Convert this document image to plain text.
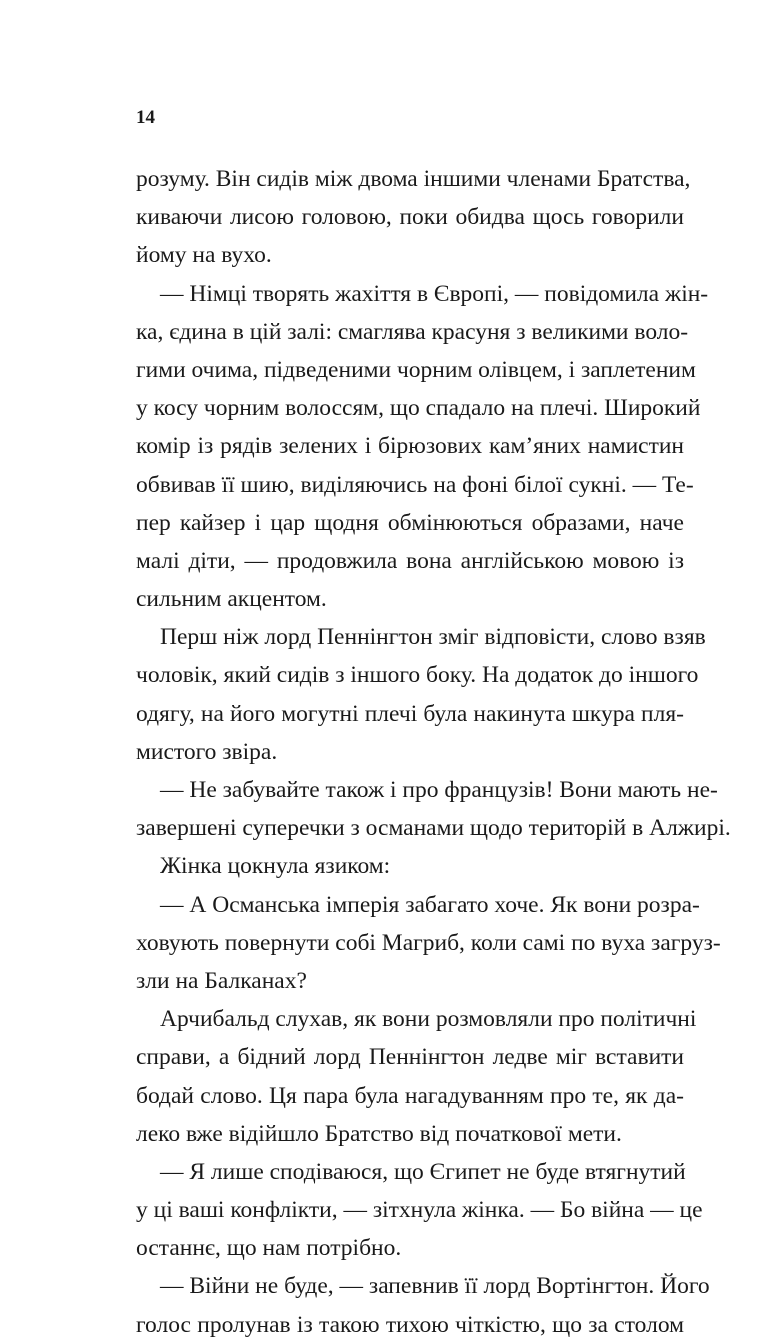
14
розуму. Він сидів між двома іншими членами Братства,
киваючи лисою головою, поки обидва щось говорили
йому на вухо.
— Німці творять жахіття в Європі, — повідомила жін-
ка, єдина в цій залі: смаглява красуня з великими воло-
гими очима, підведеними чорним олівцем, і заплетеним
у косу чорним волоссям, що спадало на плечі. Широкий
комір із рядів зелених і бірюзових кам’яних намистин
обвивав її шию, виділяючись на фоні білої сукні. — Те-
пер кайзер і цар щодня обмінюються образами, наче
малі діти, — продовжила вона англійською мовою із
сильним акцентом.
Перш ніж лорд Пеннінгтон зміг відповісти, слово взяв
чоловік, який сидів з іншого боку. На додаток до іншого
одягу, на його могутні плечі була накинута шкура пля-
мистого звіра.
— Не забувайте також і про французів! Вони мають не-
завершені суперечки з османами щодо територій в Алжирі.
Жінка цокнула язиком:
— А Османська імперія забагато хоче. Як вони розра-
ховують повернути собі Магриб, коли самі по вуха загруз-
зли на Балканах?
Арчибальд слухав, як вони розмовляли про політичні
справи, а бідний лорд Пеннінгтон ледве міг вставити
бодай слово. Ця пара була нагадуванням про те, як да-
леко вже відійшло Братство від початкової мети.
— Я лише сподіваюся, що Єгипет не буде втягнутий
у ці ваші конфлікти, — зітхнула жінка. — Бо війна — це
останнє, що нам потрібно.
— Війни не буде, — запевнив її лорд Вортінгтон. Його
голос пролунав із такою тихою чіткістю, що за столом
